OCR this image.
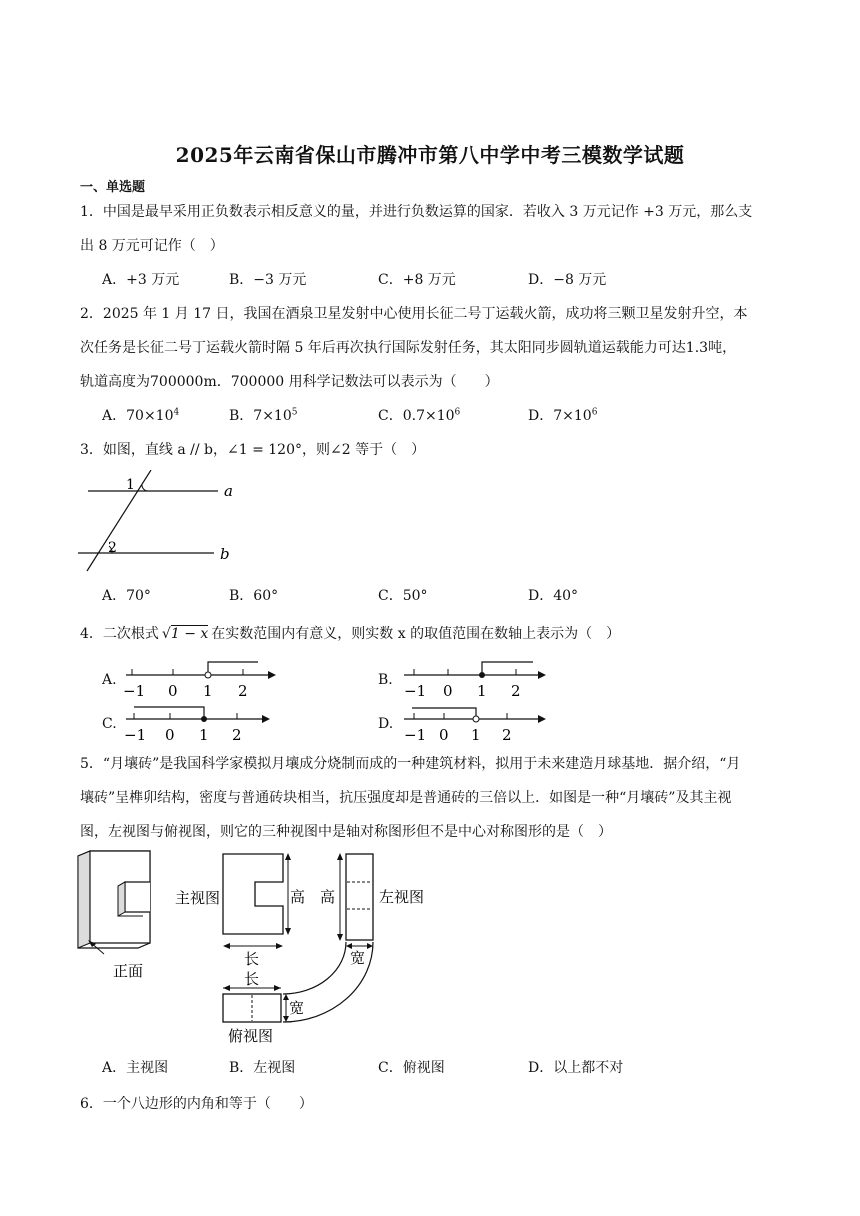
2025年云南省保山市腾冲市第八中学中考三模数学试题
一、单选题
1．中国是最早采用正负数表示相反意义的量，并进行负数运算的国家．若收入 3 万元记作 +3 万元，那么支
出 8 万元可记作（　）
A．+3 万元	B．−3 万元	C．+8 万元	D．−8 万元
2．2025 年 1 月 17 日，我国在酒泉卫星发射中心使用长征二号丁运载火箭，成功将三颗卫星发射升空，本
次任务是长征二号丁运载火箭时隔 5 年后再次执行国际发射任务，其太阳同步圆轨道运载能力可达1.3吨，
轨道高度为700000m．700000 用科学记数法可以表示为（　　）
A．$70\times 10^4$	B．$7\times 10^5$	C．$0.7\times 10^6$	D．$7\times 10^6$
3．如图，直线 a // b，∠1 = 120°，则∠2 等于（　）
1
2
a
b
A．70°	B．60°	C．50°	D．40°
4．二次根式 √1 − x 在实数范围内有意义，则实数 x 的取值范围在数轴上表示为（　）
A.
−1 0 1 2
B.
−1 0 1 2
C.
−1 0 1 2
D.
−1 0 1 2
5．“月壤砖”是我国科学家模拟月壤成分烧制而成的一种建筑材料，拟用于未来建造月球基地．据介绍，“月
壤砖”呈榫卯结构，密度与普通砖块相当，抗压强度却是普通砖的三倍以上．如图是一种“月壤砖”及其主视
图，左视图与俯视图，则它的三种视图中是轴对称图形但不是中心对称图形的是（　）
正面
主视图	高
长
长
左视图
高
宽
宽
俯视图
A．主视图	B．左视图	C．俯视图	D．以上都不对
6．一个八边形的内角和等于（　　）
